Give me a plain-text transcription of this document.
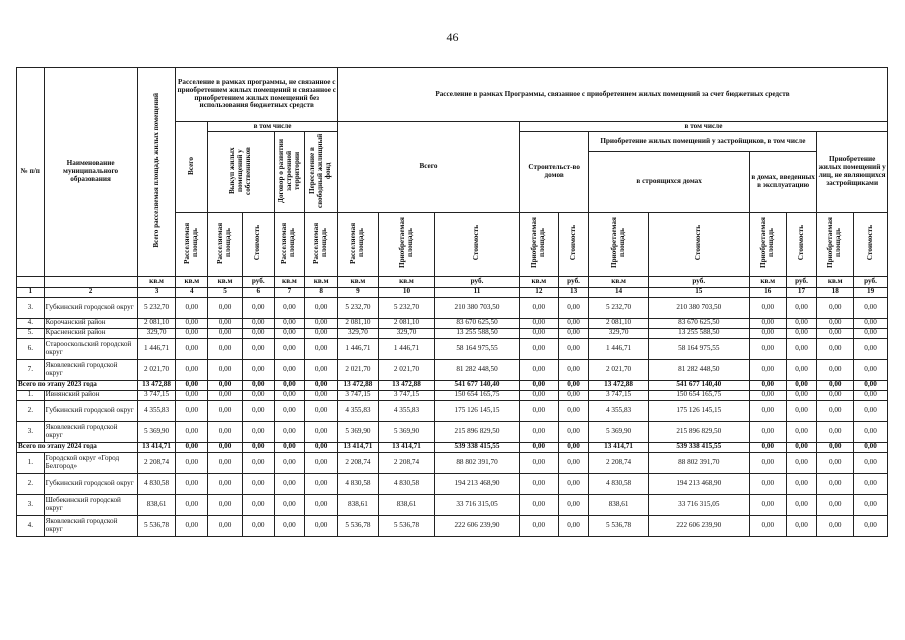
46
№ п/п	Наименование муниципального образования	Всего расселяемая площадь жилых помещений	Расселение в рамках программы, не связанное с приобретением жилых помещений и связанное с приобретением жилых помещений без использования бюджетных средств					Расселение в рамках Программы, связанное с приобретением жилых помещений за счет бюджетных средств										
			Всего	в том числе				Всего			в том числе							
				Выкуп жилых помещений у собственников		Договор о развитии застроенной территории	Переселение в свободный жилищный фонд				Строительст-во домов		Приобретение жилых помещений у застройщиков, в том числе				Приобретение жилых помещений у лиц, не являющихся застройщиками	
													в строящихся домах		в домах, введенных в эксплуатацию			
			Расселяемая площадь	Расселяемая площадь	Стоимость	Расселяемая площадь	Расселяемая площадь	Расселяемая площадь	Приобретаемая площадь	Стоимость	Приобретаемая площадь	Стоимость	Приобретаемая площадь	Стоимость	Приобретаемая площадь	Стоимость	Приобретаемая площадь	Стоимость
		кв.м	кв.м	кв.м	руб.	кв.м	кв.м	кв.м	кв.м	руб.	кв.м	руб.	кв.м	руб.	кв.м	руб.	кв.м	руб.
1	2	3	4	5	6	7	8	9	10	11	12	13	14	15	16	17	18	19
3.	Губкинский городской округ	5 232,70	0,00	0,00	0,00	0,00	0,00	5 232,70	5 232,70	210 380 703,50	0,00	0,00	5 232,70	210 380 703,50	0,00	0,00	0,00	0,00
4.	Корочанский район	2 081,10	0,00	0,00	0,00	0,00	0,00	2 081,10	2 081,10	83 670 625,50	0,00	0,00	2 081,10	83 670 625,50	0,00	0,00	0,00	0,00
5.	Красненский район	329,70	0,00	0,00	0,00	0,00	0,00	329,70	329,70	13 255 588,50	0,00	0,00	329,70	13 255 588,50	0,00	0,00	0,00	0,00
6.	Старооскольский городской округ	1 446,71	0,00	0,00	0,00	0,00	0,00	1 446,71	1 446,71	58 164 975,55	0,00	0,00	1 446,71	58 164 975,55	0,00	0,00	0,00	0,00
7.	Яковлевский городской округ	2 021,70	0,00	0,00	0,00	0,00	0,00	2 021,70	2 021,70	81 282 448,50	0,00	0,00	2 021,70	81 282 448,50	0,00	0,00	0,00	0,00
Всего по этапу 2023 года		13 472,88	0,00	0,00	0,00	0,00	0,00	13 472,88	13 472,88	541 677 140,40	0,00	0,00	13 472,88	541 677 140,40	0,00	0,00	0,00	0,00
1.	Ивнянский район	3 747,15	0,00	0,00	0,00	0,00	0,00	3 747,15	3 747,15	150 654 165,75	0,00	0,00	3 747,15	150 654 165,75	0,00	0,00	0,00	0,00
2.	Губкинский городской округ	4 355,83	0,00	0,00	0,00	0,00	0,00	4 355,83	4 355,83	175 126 145,15	0,00	0,00	4 355,83	175 126 145,15	0,00	0,00	0,00	0,00
3.	Яковлевский городской округ	5 369,90	0,00	0,00	0,00	0,00	0,00	5 369,90	5 369,90	215 896 829,50	0,00	0,00	5 369,90	215 896 829,50	0,00	0,00	0,00	0,00
Всего по этапу 2024 года		13 414,71	0,00	0,00	0,00	0,00	0,00	13 414,71	13 414,71	539 338 415,55	0,00	0,00	13 414,71	539 338 415,55	0,00	0,00	0,00	0,00
1.	Городской округ «Город Белгород»	2 208,74	0,00	0,00	0,00	0,00	0,00	2 208,74	2 208,74	88 802 391,70	0,00	0,00	2 208,74	88 802 391,70	0,00	0,00	0,00	0,00
2.	Губкинский городской округ	4 830,58	0,00	0,00	0,00	0,00	0,00	4 830,58	4 830,58	194 213 468,90	0,00	0,00	4 830,58	194 213 468,90	0,00	0,00	0,00	0,00
3.	Шебекинский городской округ	838,61	0,00	0,00	0,00	0,00	0,00	838,61	838,61	33 716 315,05	0,00	0,00	838,61	33 716 315,05	0,00	0,00	0,00	0,00
4.	Яковлевский городской округ	5 536,78	0,00	0,00	0,00	0,00	0,00	5 536,78	5 536,78	222 606 239,90	0,00	0,00	5 536,78	222 606 239,90	0,00	0,00	0,00	0,00
